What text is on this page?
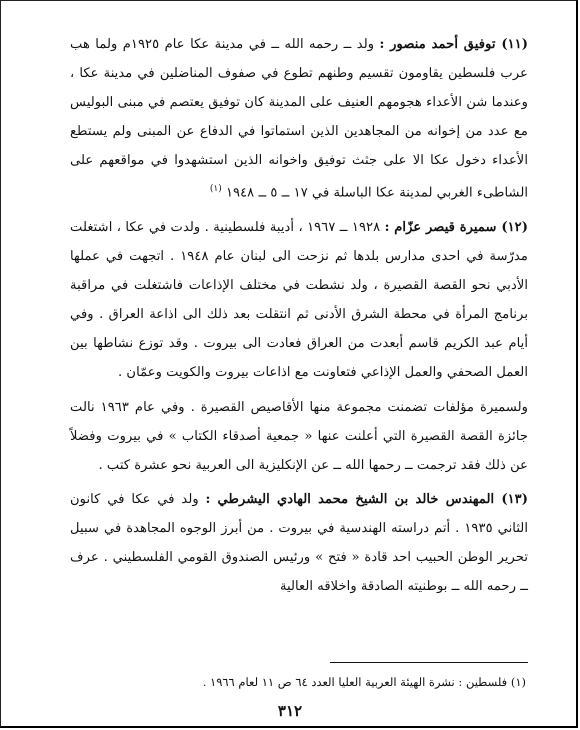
(١١) توفيق أحمد منصور : ولد ــ رحمه الله ــ في مدينة عكا عام ١٩٢٥م ولما هب عرب فلسطين يقاومون تقسيم وطنهم تطوع في صفوف المناضلين في مدينة عكا ، وعندما شن الأعداء هجومهم العنيف على المدينة كان توفيق يعتصم في مبنى البوليس مع عدد من إخوانه من المجاهدين الذين استماتوا في الدفاع عن المبنى ولم يستطع الأعداء دخول عكا الا على جثث توفيق واخوانه الذين استشهدوا في مواقعهم على الشاطىء الغربي لمدينة عكا الباسلة في ١٧ ــ ٥ ــ ١٩٤٨ $^{(١)}$

(١٢) سميرة قيصر عزّام : ١٩٢٨ ــ ١٩٦٧ ، أديبة فلسطينية . ولدت في عكا ، اشتغلت مدرّسة في احدى مدارس بلدها ثم نزحت الى لبنان عام ١٩٤٨ . اتجهت في عملها الأدبي نحو القصة القصيرة ، ولد نشطت في مختلف الإذاعات فاشتغلت في مراقبة برنامج المرأة في محطة الشرق الأدنى ثم انتقلت بعد ذلك الى اذاعة العراق . وفي أيام عبد الكريم قاسم أبعدت من العراق فعادت الى بيروت . وقد توزع نشاطها بين العمل الصحفي والعمل الإذاعي فتعاونت مع اذاعات بيروت والكويت وعمّان .

ولسميرة مؤلفات تضمنت مجموعة منها الأقاصيص القصيرة . وفي عام ١٩٦٣ نالت جائزة القصة القصيرة التي أعلنت عنها « جمعية أصدقاء الكتاب » في بيروت وفضلاً عن ذلك فقد ترجمت ــ رحمها الله ــ عن الإنكليزية الى العربية نحو عشرة كتب .

(١٣) المهندس خالد بن الشيخ محمد الهادي اليشرطي : ولد في عكا في كانون الثاني ١٩٣٥ . أتم دراسته الهندسية في بيروت . من أبرز الوجوه المجاهدة في سبيل تحرير الوطن الحبيب احد قادة « فتح » ورئيس الصندوق القومي الفلسطيني . عرف ــ رحمه الله ــ بوطنيته الصادقة واخلاقه العالية

(١) فلسطين : نشرة الهيئة العربية العليا العدد ٦٤ ص ١١ لعام ١٩٦٦ .
٣١٢
